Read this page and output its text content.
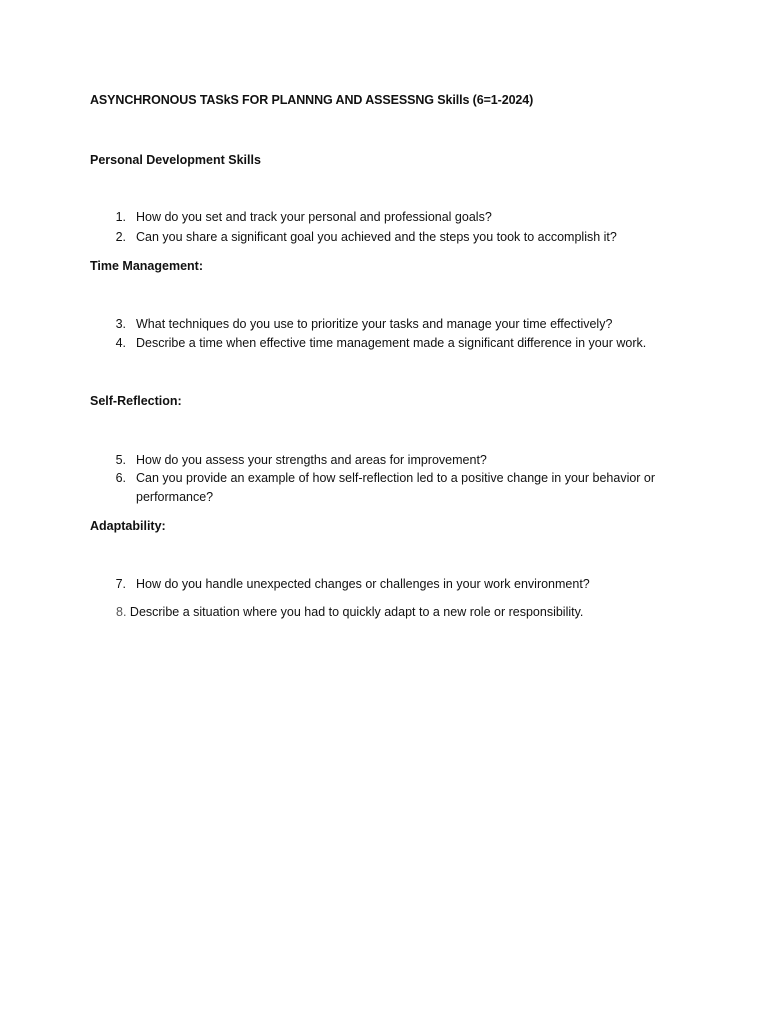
ASYNCHRONOUS TASkS FOR PLANNNG AND ASSESSNG Skills (6=1-2024)
Personal Development Skills
1. How do you set and track your personal and professional goals?
2. Can you share a significant goal you achieved and the steps you took to accomplish it?
Time Management:
3. What techniques do you use to prioritize your tasks and manage your time effectively?
4. Describe a time when effective time management made a significant difference in your work.
Self-Reflection:
5. How do you assess your strengths and areas for improvement?
6. Can you provide an example of how self-reflection led to a positive change in your behavior or performance?
Adaptability:
7. How do you handle unexpected changes or challenges in your work environment?
8. Describe a situation where you had to quickly adapt to a new role or responsibility.
